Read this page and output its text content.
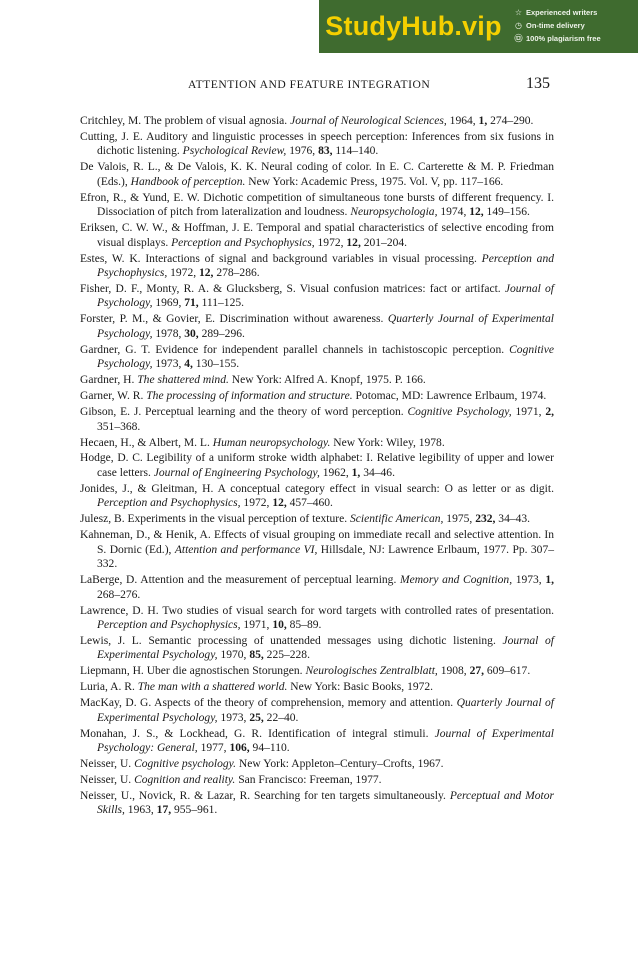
StudyHub.vip	☆ Experienced writers
◷ On-time delivery
㉤ 100% plagiarism free
ATTENTION AND FEATURE INTEGRATION	135

Critchley, M. The problem of visual agnosia. Journal of Neurological Sciences, 1964, 1, 274–290.

Cutting, J. E. Auditory and linguistic processes in speech perception: Inferences from six fusions in dichotic listening. Psychological Review, 1976, 83, 114–140.

De Valois, R. L., & De Valois, K. K. Neural coding of color. In E. C. Carterette & M. P. Friedman (Eds.), Handbook of perception. New York: Academic Press, 1975. Vol. V, pp. 117–166.

Efron, R., & Yund, E. W. Dichotic competition of simultaneous tone bursts of different frequency. I. Dissociation of pitch from lateralization and loudness. Neuropsychologia, 1974, 12, 149–156.

Eriksen, C. W. W., & Hoffman, J. E. Temporal and spatial characteristics of selective encoding from visual displays. Perception and Psychophysics, 1972, 12, 201–204.

Estes, W. K. Interactions of signal and background variables in visual processing. Perception and Psychophysics, 1972, 12, 278–286.

Fisher, D. F., Monty, R. A. & Glucksberg, S. Visual confusion matrices: fact or artifact. Journal of Psychology, 1969, 71, 111–125.

Forster, P. M., & Govier, E. Discrimination without awareness. Quarterly Journal of Experimental Psychology, 1978, 30, 289–296.

Gardner, G. T. Evidence for independent parallel channels in tachistoscopic perception. Cognitive Psychology, 1973, 4, 130–155.

Gardner, H. The shattered mind. New York: Alfred A. Knopf, 1975. P. 166.

Garner, W. R. The processing of information and structure. Potomac, MD: Lawrence Erlbaum, 1974.

Gibson, E. J. Perceptual learning and the theory of word perception. Cognitive Psychology, 1971, 2, 351–368.

Hecaen, H., & Albert, M. L. Human neuropsychology. New York: Wiley, 1978.

Hodge, D. C. Legibility of a uniform stroke width alphabet: I. Relative legibility of upper and lower case letters. Journal of Engineering Psychology, 1962, 1, 34–46.

Jonides, J., & Gleitman, H. A conceptual category effect in visual search: O as letter or as digit. Perception and Psychophysics, 1972, 12, 457–460.

Julesz, B. Experiments in the visual perception of texture. Scientific American, 1975, 232, 34–43.

Kahneman, D., & Henik, A. Effects of visual grouping on immediate recall and selective attention. In S. Dornic (Ed.), Attention and performance VI, Hillsdale, NJ: Lawrence Erlbaum, 1977. Pp. 307–332.

LaBerge, D. Attention and the measurement of perceptual learning. Memory and Cognition, 1973, 1, 268–276.

Lawrence, D. H. Two studies of visual search for word targets with controlled rates of presentation. Perception and Psychophysics, 1971, 10, 85–89.

Lewis, J. L. Semantic processing of unattended messages using dichotic listening. Journal of Experimental Psychology, 1970, 85, 225–228.

Liepmann, H. Uber die agnostischen Storungen. Neurologisches Zentralblatt, 1908, 27, 609–617.

Luria, A. R. The man with a shattered world. New York: Basic Books, 1972.

MacKay, D. G. Aspects of the theory of comprehension, memory and attention. Quarterly Journal of Experimental Psychology, 1973, 25, 22–40.

Monahan, J. S., & Lockhead, G. R. Identification of integral stimuli. Journal of Experimental Psychology: General, 1977, 106, 94–110.

Neisser, U. Cognitive psychology. New York: Appleton–Century–Crofts, 1967.

Neisser, U. Cognition and reality. San Francisco: Freeman, 1977.

Neisser, U., Novick, R. & Lazar, R. Searching for ten targets simultaneously. Perceptual and Motor Skills, 1963, 17, 955–961.
